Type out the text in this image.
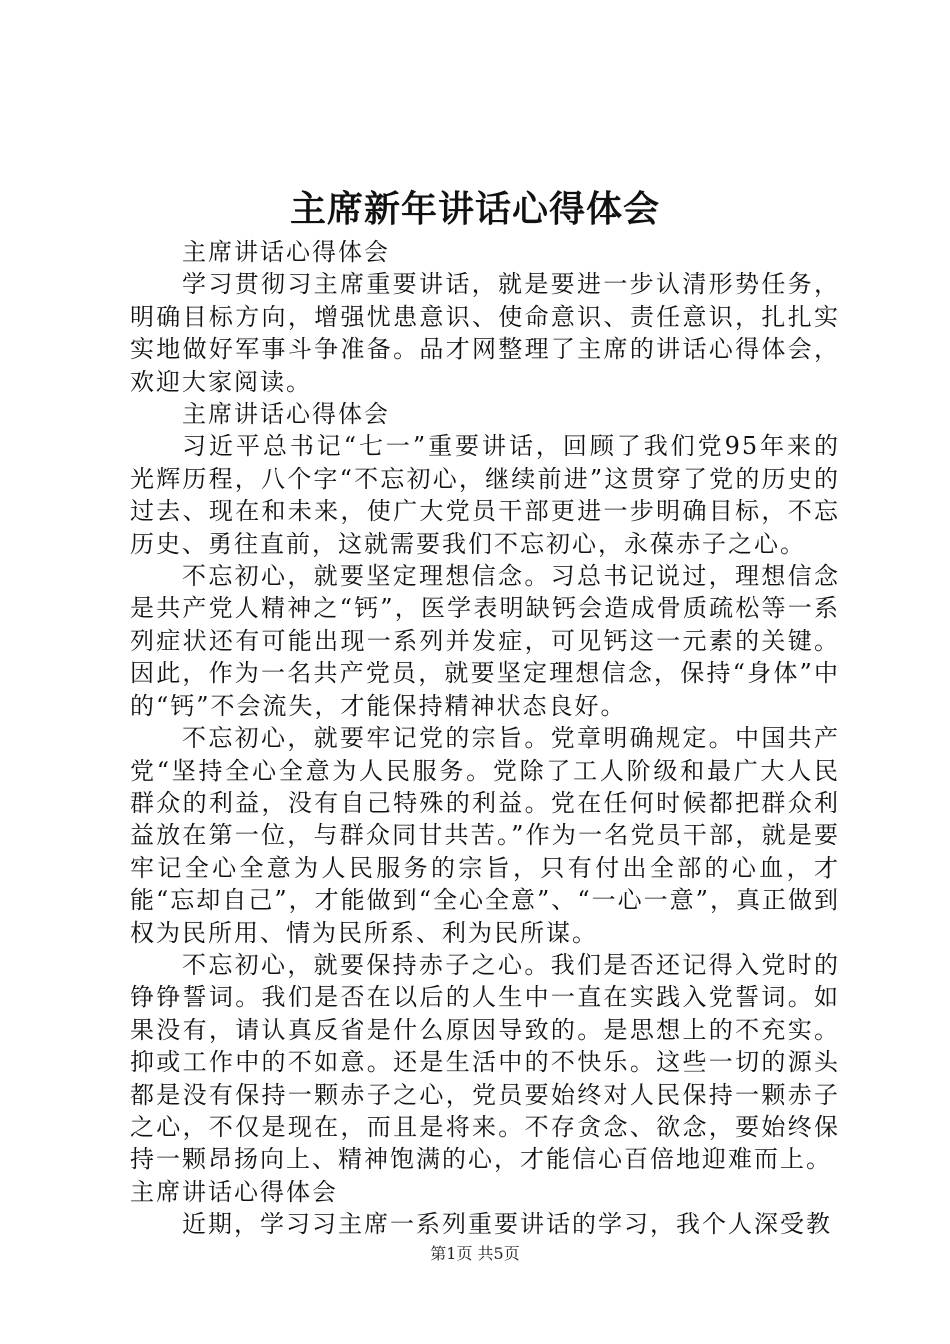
主席新年讲话心得体会

主席讲话心得体会

学习贯彻习主席重要讲话，就是要进一步认清形势任务，明确目标方向，增强忧患意识、使命意识、责任意识，扎扎实实地做好军事斗争准备。品才网整理了主席的讲话心得体会，欢迎大家阅读。

主席讲话心得体会

习近平总书记“七一”重要讲话，回顾了我们党95年来的光辉历程，八个字“不忘初心，继续前进”这贯穿了党的历史的过去、现在和未来，使广大党员干部更进一步明确目标，不忘历史、勇往直前，这就需要我们不忘初心，永葆赤子之心。

不忘初心，就要坚定理想信念。习总书记说过，理想信念是共产党人精神之“钙”，医学表明缺钙会造成骨质疏松等一系列症状还有可能出现一系列并发症，可见钙这一元素的关键。因此，作为一名共产党员，就要坚定理想信念，保持“身体”中的“钙”不会流失，才能保持精神状态良好。

不忘初心，就要牢记党的宗旨。党章明确规定。中国共产党“坚持全心全意为人民服务。党除了工人阶级和最广大人民群众的利益，没有自己特殊的利益。党在任何时候都把群众利益放在第一位，与群众同甘共苦。”作为一名党员干部，就是要牢记全心全意为人民服务的宗旨，只有付出全部的心血，才能“忘却自己”，才能做到“全心全意”、“一心一意”，真正做到权为民所用、情为民所系、利为民所谋。

不忘初心，就要保持赤子之心。我们是否还记得入党时的铮铮誓词。我们是否在以后的人生中一直在实践入党誓词。如果没有，请认真反省是什么原因导致的。是思想上的不充实。抑或工作中的不如意。还是生活中的不快乐。这些一切的源头都是没有保持一颗赤子之心，党员要始终对人民保持一颗赤子之心，不仅是现在，而且是将来。不存贪念、欲念，要始终保持一颗昂扬向上、精神饱满的心，才能信心百倍地迎难而上。

主席讲话心得体会

近期，学习习主席一系列重要讲话的学习，我个人深受教

第1页 共5页
